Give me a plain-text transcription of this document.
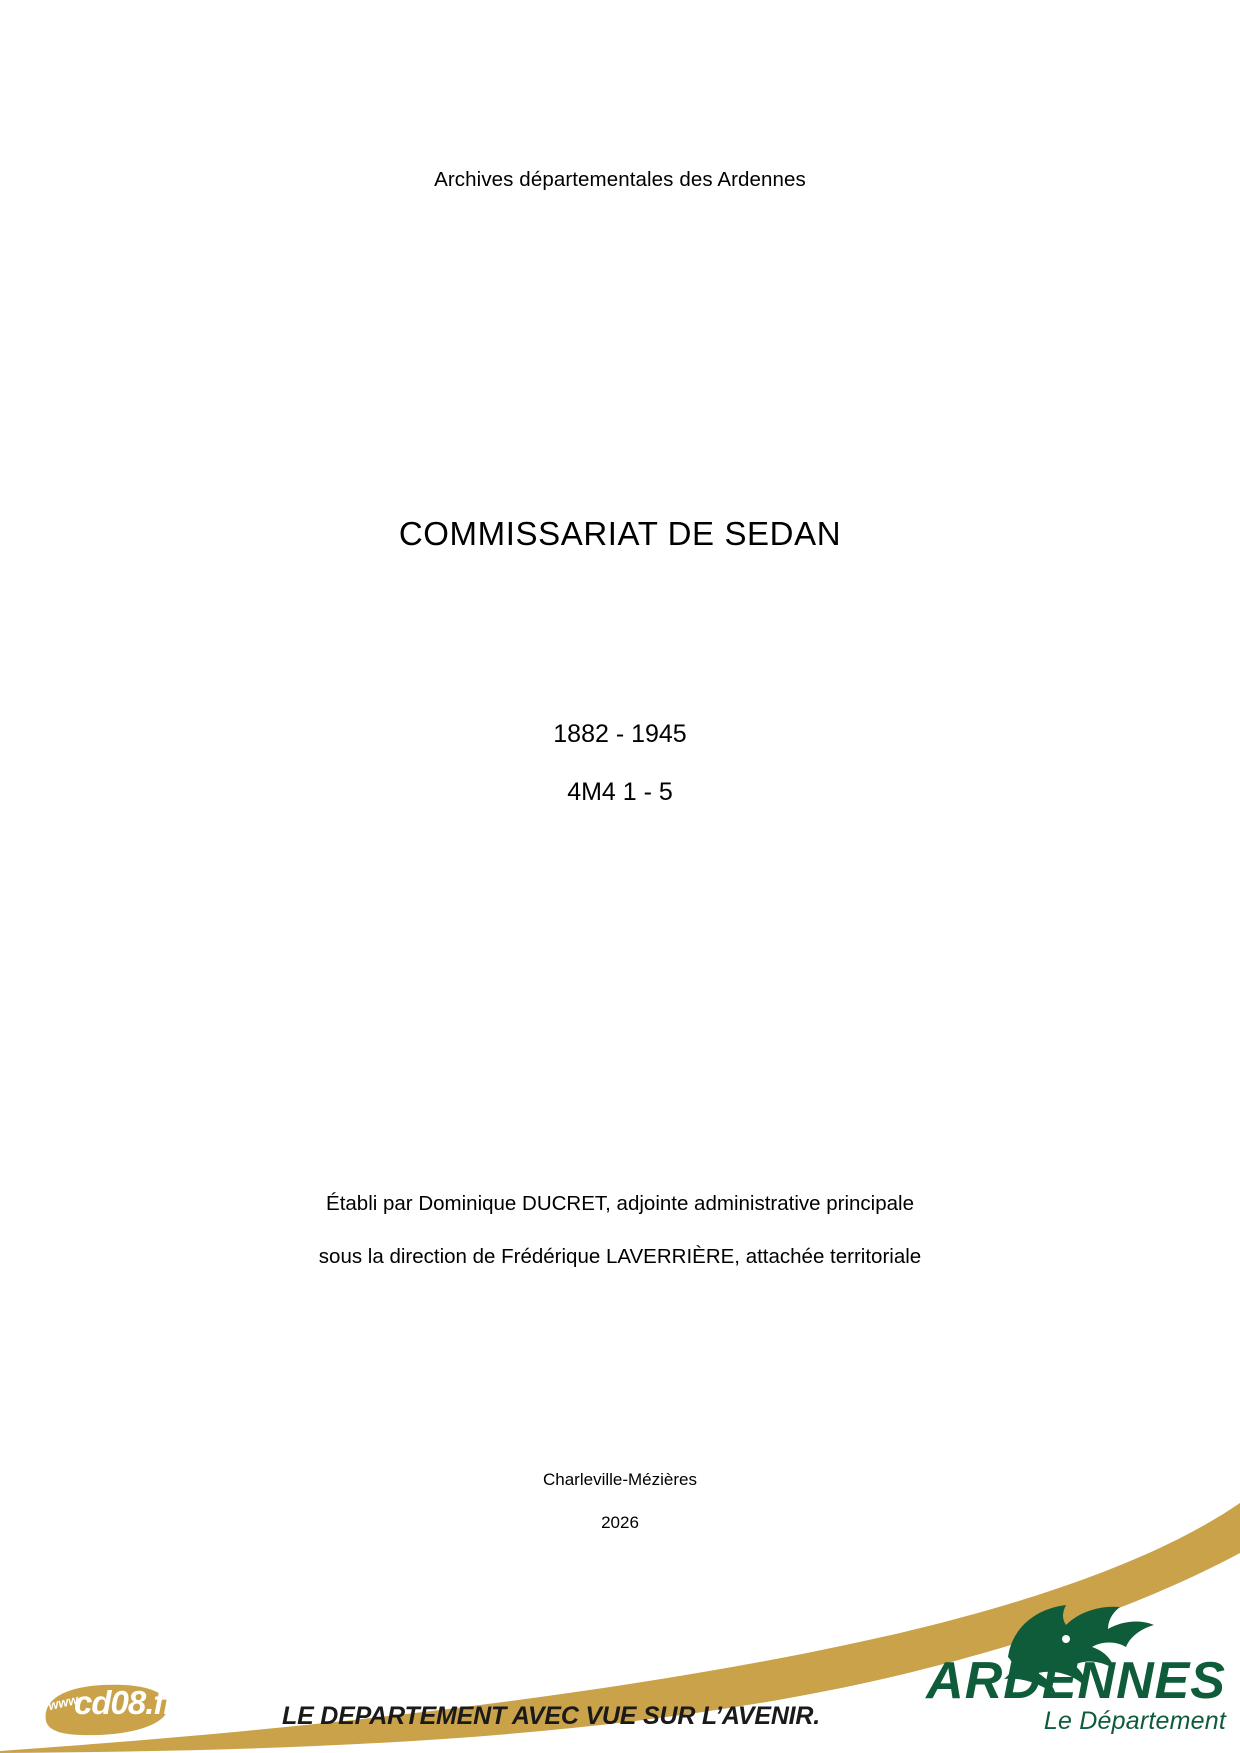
Archives départementales des Ardennes
COMMISSARIAT DE SEDAN
1882 - 1945
4M4 1 - 5
Établi par Dominique DUCRET, adjointe administrative principale
sous la direction de Frédérique LAVERRIÈRE, attachée territoriale
Charleville-Mézières
2026
www
cd08.fr	LE DEPARTEMENT AVEC VUE SUR L’AVENIR.
ARDENNES
Le Département
